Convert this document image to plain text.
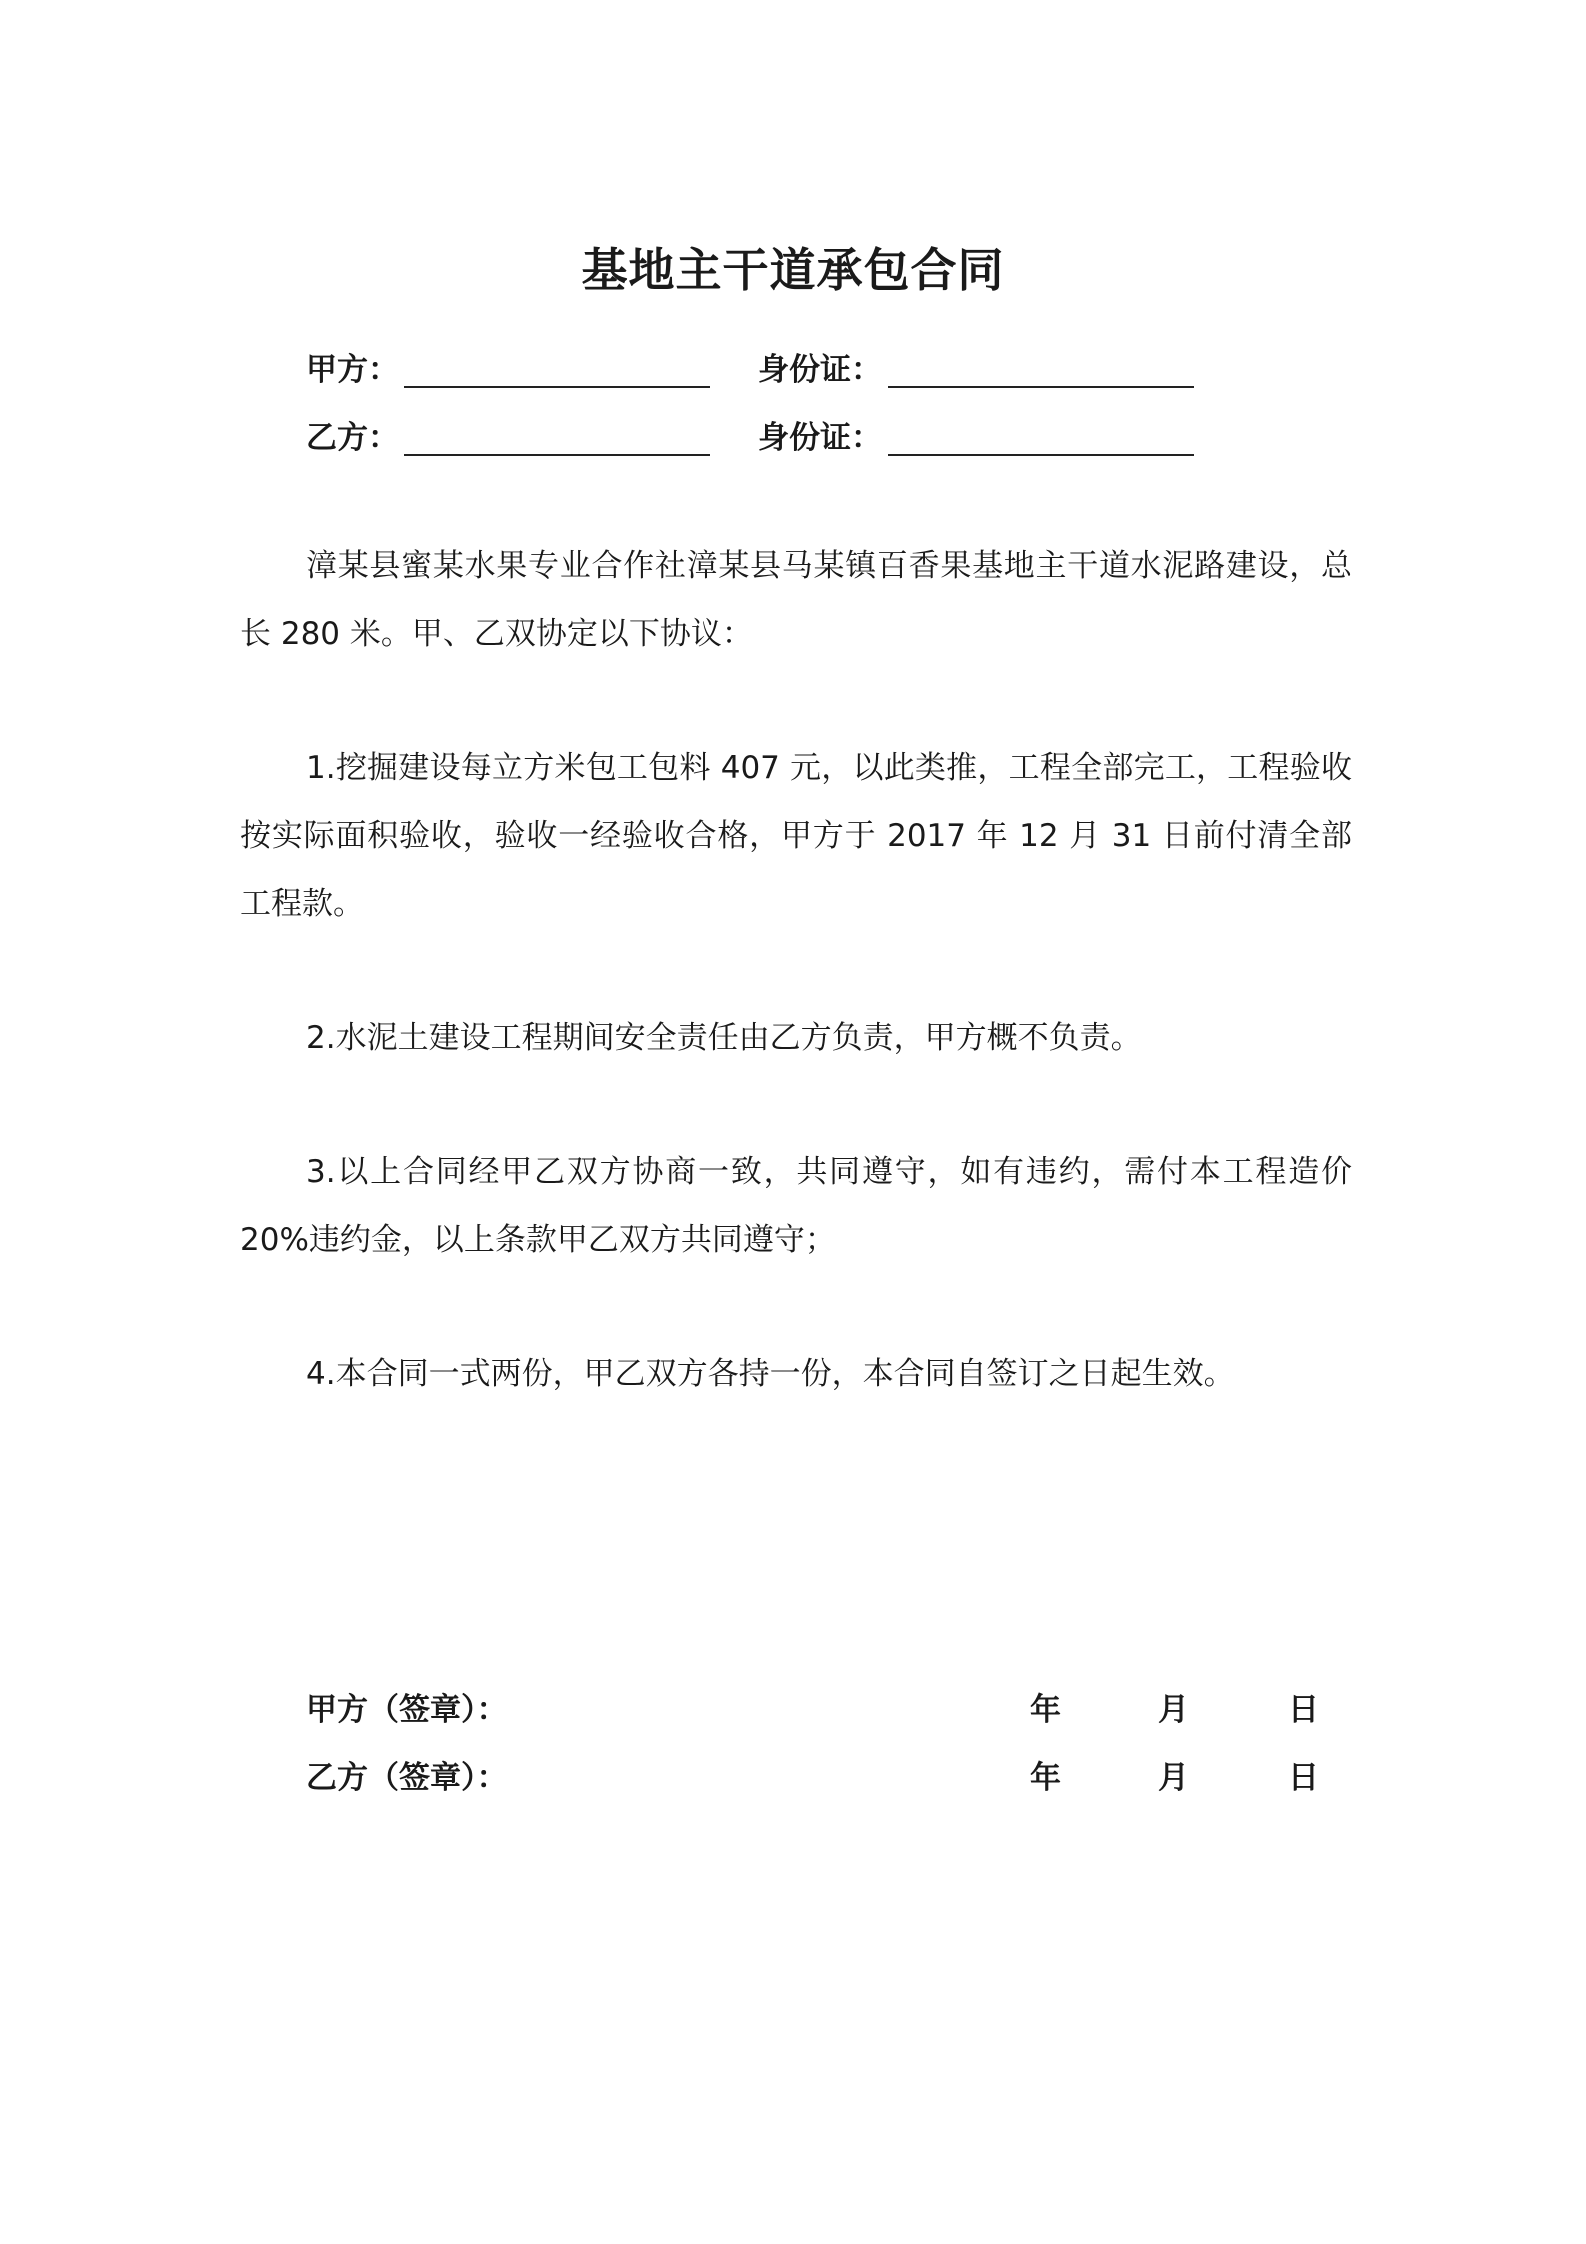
基地主干道承包合同
甲方：	身份证：
乙方：	身份证：

漳某县蜜某水果专业合作社漳某县马某镇百香果基地主干道水泥路建设，总长 280 米。甲、乙双协定以下协议：

1.挖掘建设每立方米包工包料 407 元，以此类推，工程全部完工，工程验收按实际面积验收，验收一经验收合格，甲方于 2017 年 12 月 31 日前付清全部工程款。

2.水泥土建设工程期间安全责任由乙方负责，甲方概不负责。

3.以上合同经甲乙双方协商一致，共同遵守，如有违约，需付本工程造价 20%违约金，以上条款甲乙双方共同遵守；

4.本合同一式两份，甲乙双方各持一份，本合同自签订之日起生效。

甲方（签章）：	年	月	日
乙方（签章）：	年	月	日
